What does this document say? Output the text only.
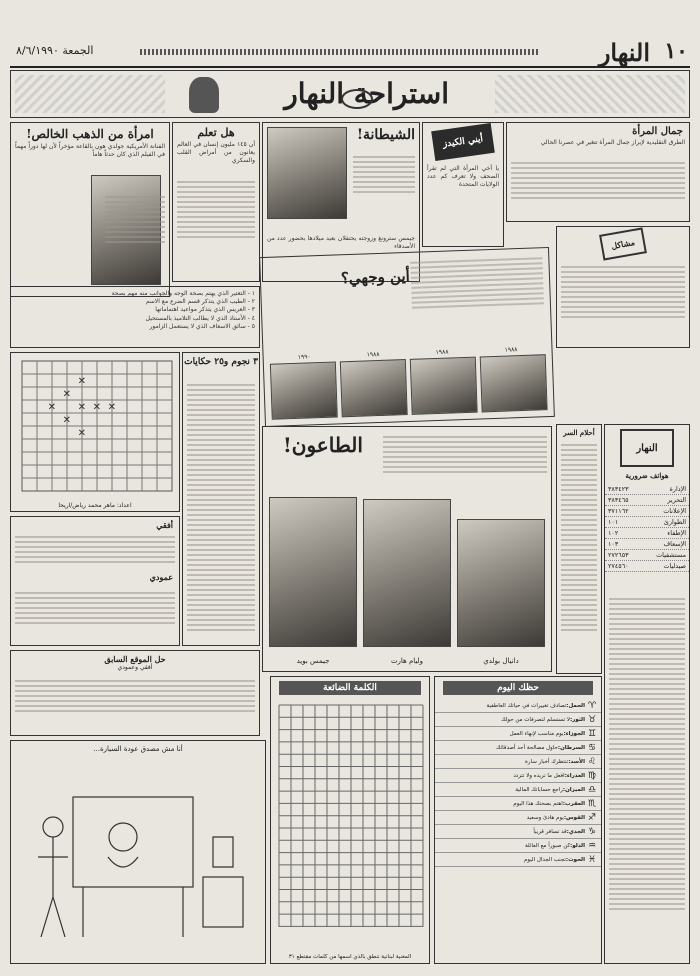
١٠
النهار
الجمعة ٨/٦/١٩٩٠
استراحة النهار
امرأة من الذهب الخالص!
الفنانة الأمريكية جولدي هون بالقاعة مؤخراً لأن لها دوراً مهماً في الفيلم الذي كان حدثاً هاماً
هل تعلم
أن ١٤٥ مليون إنسان في العالم يعانون من أمراض القلب والسكري
الشيطانة!
جيمس سترونغ وزوجته يحتفلان بعيد ميلادها بحضور عدد من الأصدقاء
أيني الكيدز
يا أخي المرأة التي لم تقرأ الصحف ولا تعرف كم عدد الولايات المتحدة
جمال المرأة
الطرق التقليدية لإبراز جمال المرأة تتغير في عصرنا الحالي
١ - التعتير الذي يهتم بصحة الوجه والجوانب منه مهم بصحة
٢ - الطيب الذي يتذكر قسم الضرع مع الاسم
٣ - العريس الذي يتذكر مواعيد اهتماماتها
٤ - الأستاذ الذي لا يطالب التلاميذ بالمستحيل
٥ - سائق الاسعاف الذي لا يستعمل الزامور
أين وجهي؟
١٩٨٨
١٩٨٨
١٩٨٨
١٩٩٠
مشاكل
✕
✕
✕
✕
✕
✕
✕ ✕
اعداد: ماهر محمد رياض/اريحا
أفقي
عمودي
حل الموقع السابق
أفقي وعمودي
٣ نجوم و٢٥ حكايات
الطاعون!
دانيال بولدي
وليام هارت
جيمس بويد
أحلام السر
النهار
هواتف ضرورية
الإدارة
٣٨٣٤٢٣
التحرير
٣٨٣٤٦٥
الإعلانات
٣٧١١٦٢
الطوارئ
١٠١
الإطفاء
١٠٢
الإسعاف
١٠٣
مستشفيات
٢٧٢٦٥٣
صيدليات
٢٧٤٥٦٠
الكلمة الضائعة
المغنية لبنانية تنطق بالذي اسمها من كلمات مقتطع ٣١
حظك اليوم
♈
الحمل:
تصادف تغييرات في حياتك العاطفية
♉
الثور:
لا تستسلم لتصرفات من حولك
♊
الجوزاء:
يوم مناسب لإنهاء العمل
♋
السرطان:
حاول مصالحة أحد أصدقائك
♌
الأسد:
تنتظرك أخبار سارة
♍
العذراء:
افعل ما تريده ولا تتردد
♎
الميزان:
راجع حساباتك المالية
♏
العقرب:
اهتم بصحتك هذا اليوم
♐
القوس:
يوم هادئ وسعيد
♑
الجدي:
قد تسافر قريباً
♒
الدلو:
كن صبوراً مع العائلة
♓
الحوت:
تجنب الجدال اليوم
أنا مش مصدق عودة السيارة...
